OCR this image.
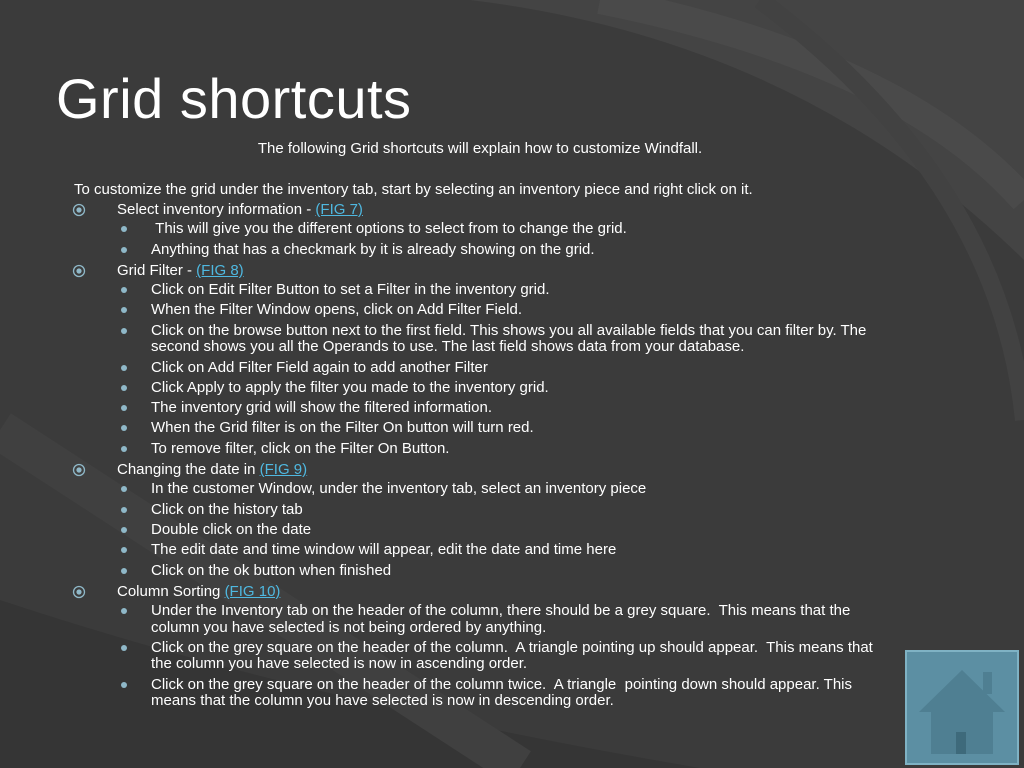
Grid shortcuts
The following Grid shortcuts will explain how to customize Windfall.
To customize the grid under the inventory tab, start by selecting an inventory piece and right click on it.
Select inventory information - (FIG 7)
This will give you the different options to select from to change the grid.
Anything that has a checkmark by it is already showing on the grid.
Grid Filter - (FIG 8)
Click on Edit Filter Button to set a Filter in the inventory grid.
When the Filter Window opens, click on Add Filter Field.
Click on the browse button next to the first field. This shows you all available fields that you can filter by. The second shows you all the Operands to use. The last field shows data from your database.
Click on Add Filter Field again to add another Filter
Click Apply to apply the filter you made to the inventory grid.
The inventory grid will show the filtered information.
When the Grid filter is on the Filter On button will turn red.
To remove filter, click on the Filter On Button.
Changing the date in (FIG 9)
In the customer Window, under the inventory tab, select an inventory piece
Click on the history tab
Double click on the date
The edit date and time window will appear, edit the date and time here
Click on the ok button when finished
Column Sorting (FIG 10)
Under the Inventory tab on the header of the column, there should be a grey square.  This means that the column you have selected is not being ordered by anything.
Click on the grey square on the header of the column.  A triangle pointing up should appear.  This means that the column you have selected is now in ascending order.
Click on the grey square on the header of the column twice.  A triangle  pointing down should appear. This means that the column you have selected is now in descending order.
